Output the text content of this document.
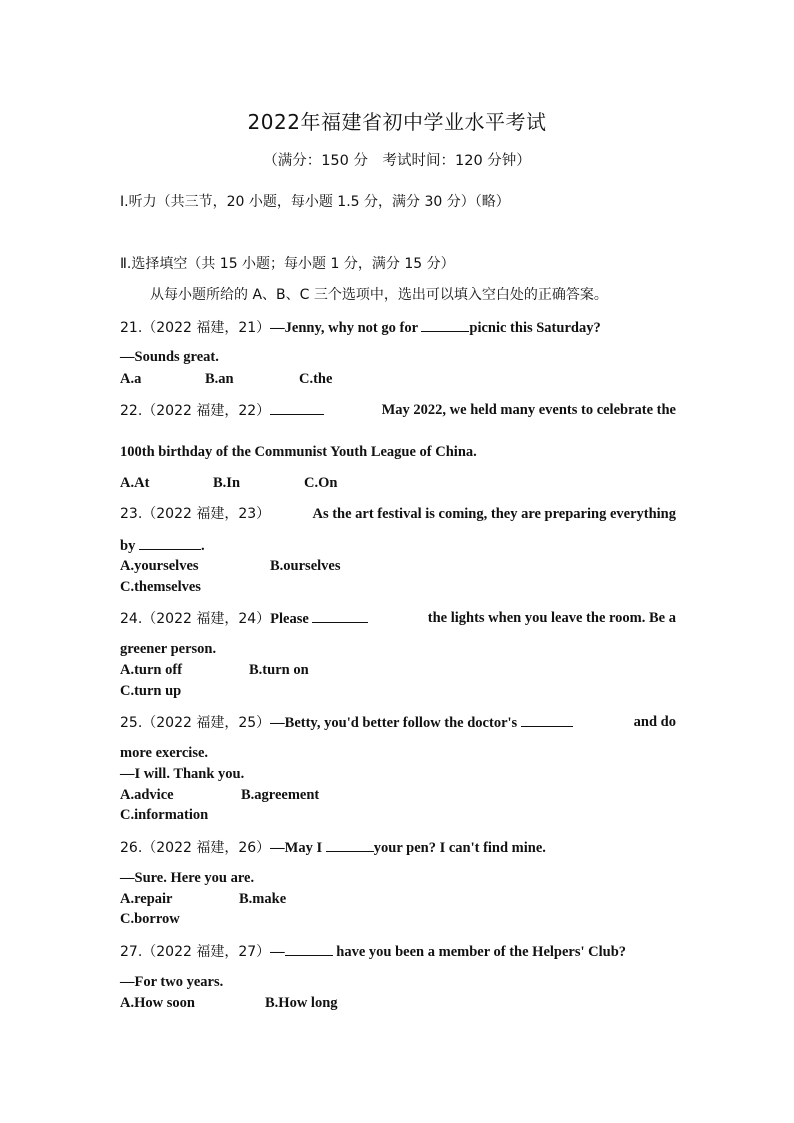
2022年福建省初中学业水平考试
（满分：150 分　考试时间：120 分钟）
Ⅰ.听力（共三节，20 小题，每小题 1.5 分，满分 30 分）（略）
Ⅱ.选择填空（共 15 小题；每小题 1 分，满分 15 分）
从每小题所给的 A、B、C 三个选项中，选出可以填入空白处的正确答案。
21.（2022 福建，21）—Jenny, why not go for	picnic this Saturday?
—Sounds great.
A.a	B.an	C.the
22.（2022 福建，22）	May 2022, we held many events to celebrate the
100th birthday of the Communist Youth League of China.
A.At	B.In	C.On
23.（2022 福建，23）	As the art festival is coming, they are preparing everything
by	.
A.yourselves	B.ourselves
C.themselves
24.（2022 福建，24）Please	the lights when you leave the room. Be a
greener person.
A.turn off	B.turn on
C.turn up
25.（2022 福建，25）—Betty, you'd better follow the doctor's	and do
more exercise.
—I will. Thank you.
A.advice	B.agreement
C.information
26.（2022 福建，26）—May I	your pen? I can't find mine.
—Sure. Here you are.
A.repair	B.make
C.borrow
27.（2022 福建，27）—	have you been a member of the Helpers' Club?
—For two years.
A.How soon	B.How long
